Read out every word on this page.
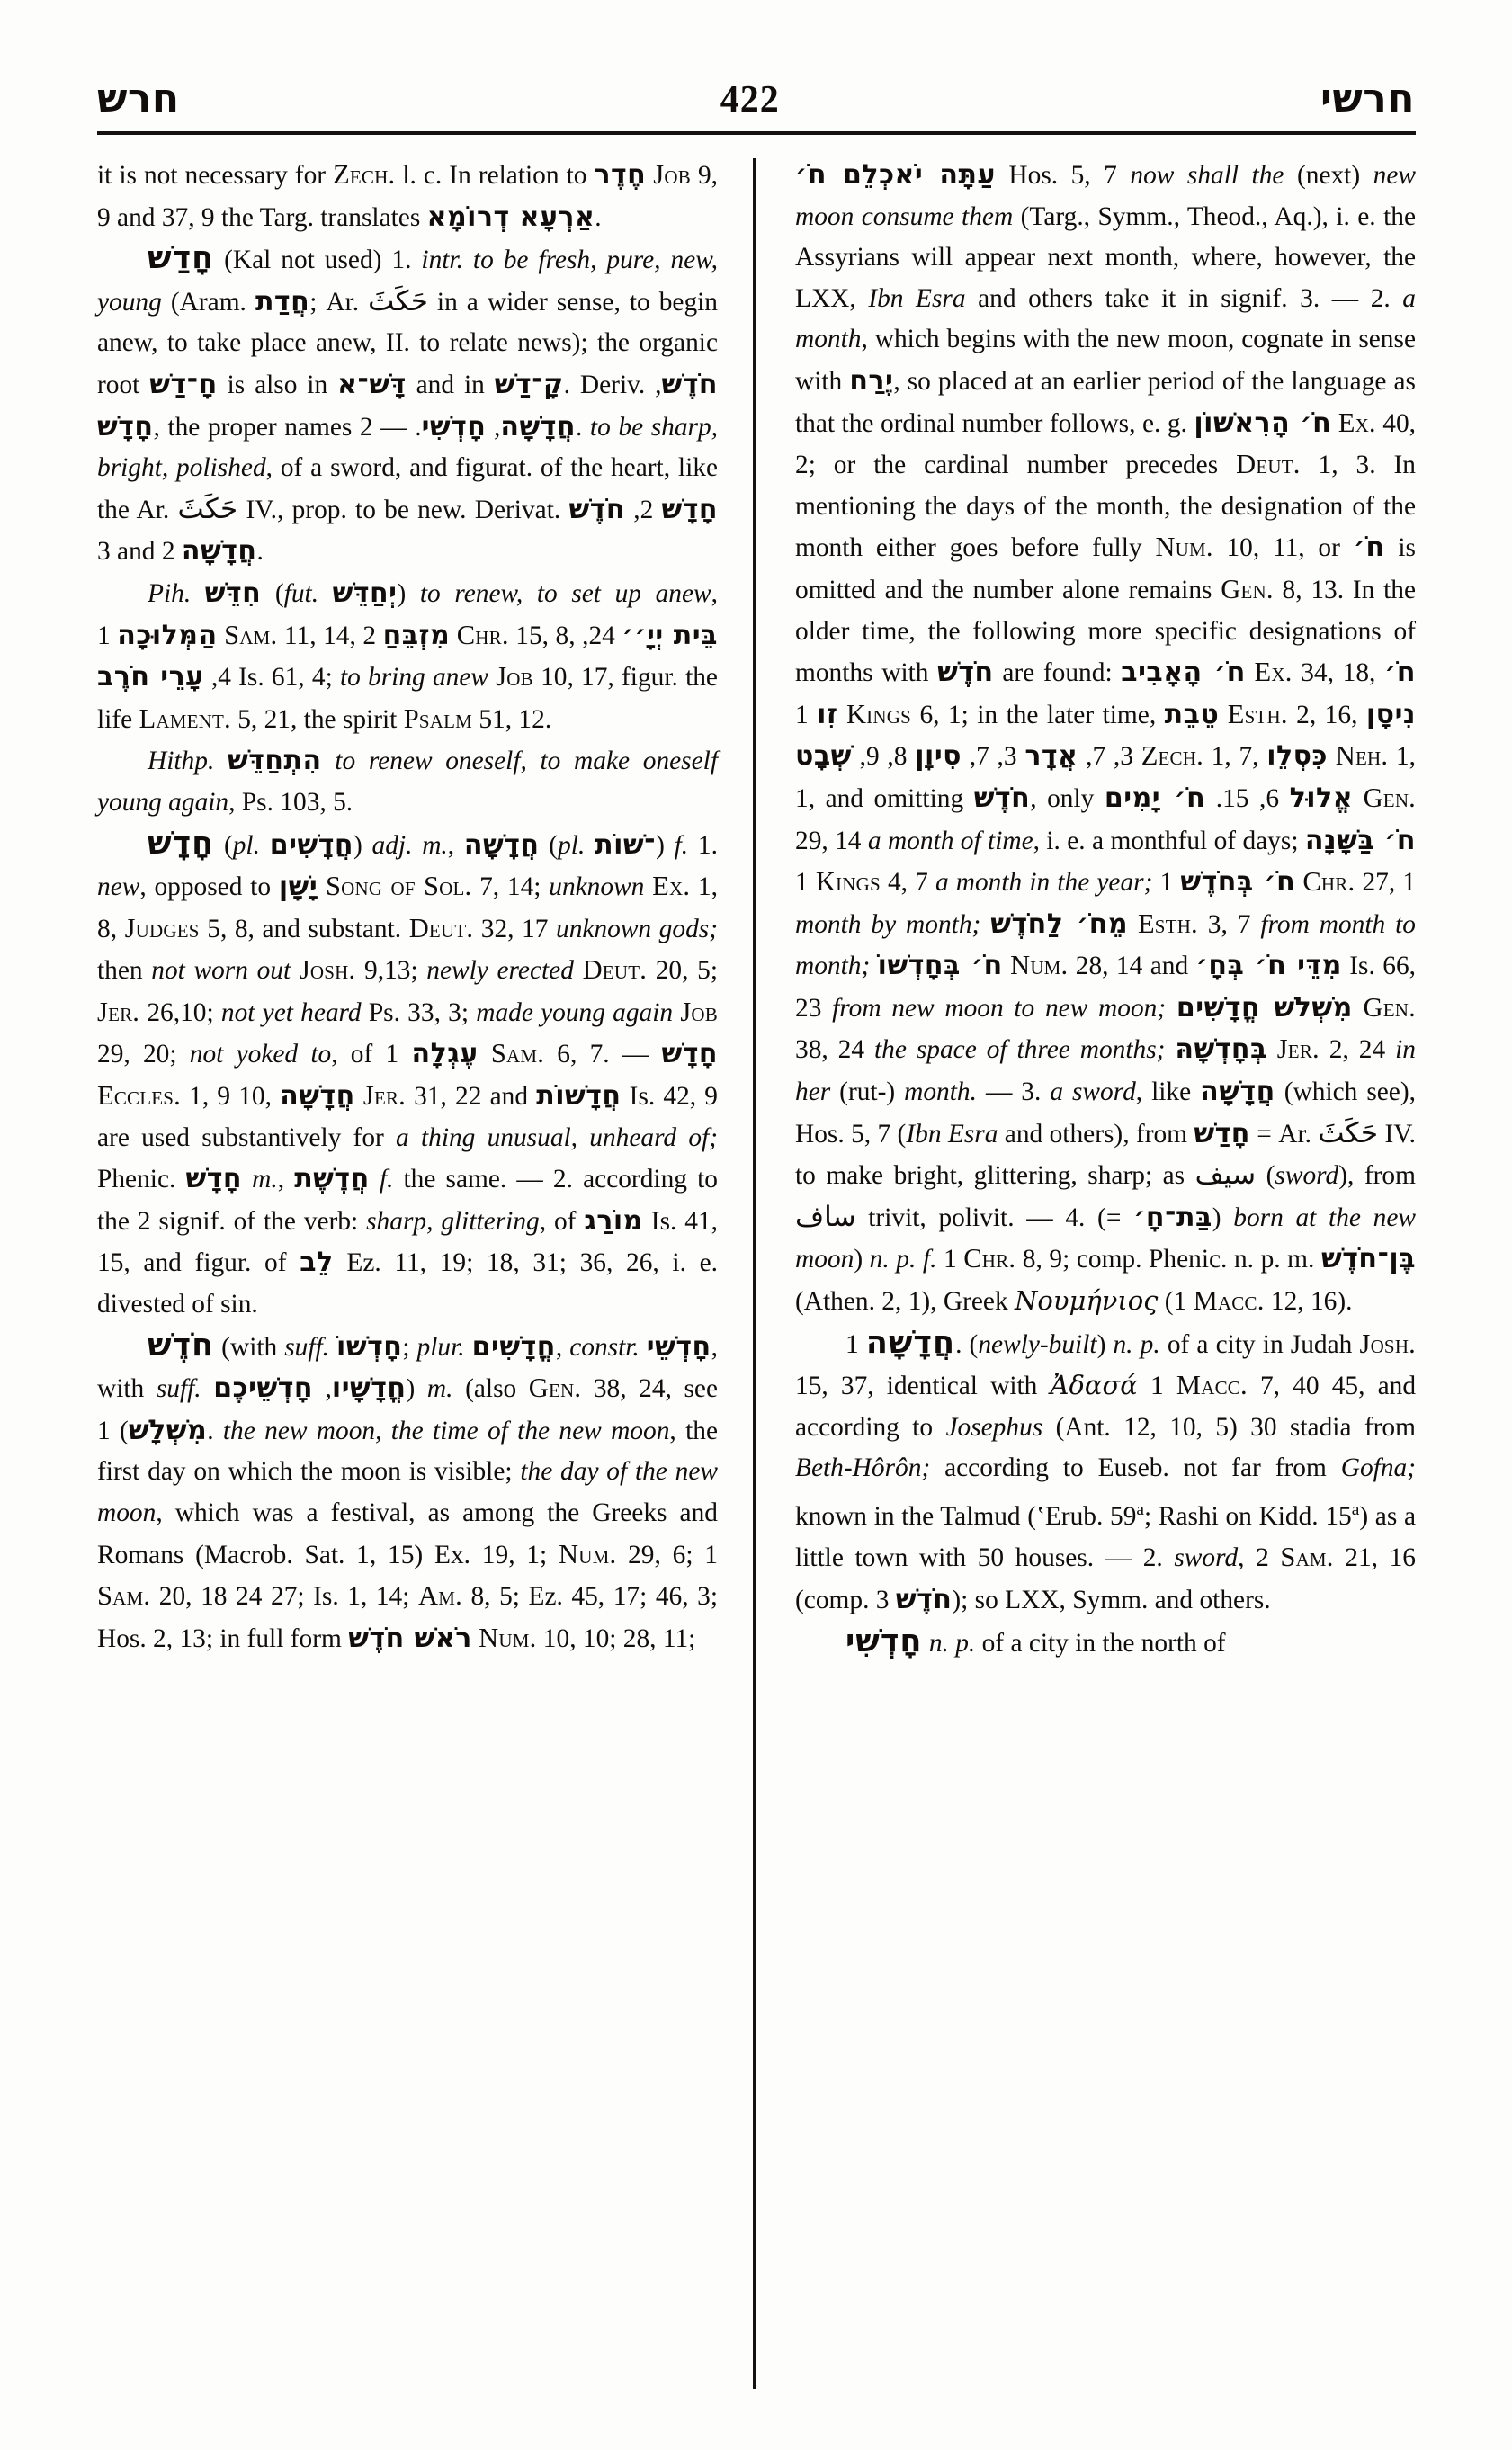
חרש	422	חרשי

it is not necessary for Zech. l. c. In relation to חֶדֶר Job 9, 9 and 37, 9 the Targ. translates אַרְעָא דְרוֹמָא.

חָדַשׁ (Kal not used) 1. intr. to be fresh, pure, new, young (Aram. חֲדַת; Ar. حَكَثَ in a wider sense, to begin anew, to take place anew, II. to relate news); the organic root חָ־דַשׁ is also in דָּשׁ־א and in קָ־דַשׁ. Deriv. חֹדֶשׁ, חָדָשׁ, the proper names	חֲדָשָׁה, חָדְשִׁי. — 2. to be sharp, bright, polished, of a sword, and figurat. of the heart, like the Ar. حَكَثَ IV., prop. to be new. Derivat.	חָדָשׁ 2, חֹדֶשׁ 3 and חֲדָשָׁה 2.

Pih. חִדֵּשׁ (fut. יְחַדֵּשׁ) to renew, to set up anew, הַמְּלוּכָה 1 Sam. 11, 14, מִזְבֵּחַ 2 Chr. 15, 8, בֵּית יְיָ׳׳ 24, 4, עָרֵי חֹרֶב Is. 61, 4; to bring anew Job 10, 17, figur. the life Lament. 5, 21, the spirit Psalm 51, 12.

Hithp. הִתְחַדֵּשׁ to renew oneself, to make oneself young again, Ps. 103, 5.

חָדָשׁ (pl. חֲדָשִׁים) adj. m., חֲדָשָׁה (pl. ־שׁוֹת) f. 1. new, opposed to יָשָׁן Song of Sol. 7, 14; unknown Ex. 1, 8, Judges 5, 8, and substant. Deut. 32, 17 unknown gods; then not worn out Josh. 9,13; newly erected Deut. 20, 5; Jer. 26,10; not yet heard Ps. 33, 3; made young again Job 29, 20; not yoked to, of עֶגְלָה 1 Sam. 6, 7. — חָדָשׁ Eccles. 1, 9 10, חֲדָשָׁה Jer. 31, 22 and חֲדָשׁוֹת Is. 42, 9 are used substantively for a thing unusual, unheard of; Phenic. חָדָשׁ m., חֲדֶשֶׁת f. the same. — 2. according to the 2 signif. of the verb: sharp, glittering, of מוֹרַג Is. 41, 15, and figur. of לֵב Ez. 11, 19; 18, 31; 36, 26, i. e. divested of sin.

חֹדֶשׁ (with suff. חָדְשׁוֹ; plur. חֳדָשִׁים, constr. חָדְשֵׁי, with suff.	חֳדָשָׁיו, חָדְשֵׁיכֶם	) m. (also Gen. 38, 24, see מִשְׁלָשׁ) 1. the new moon, the time of the new moon, the first day on which the moon is visible; the day of the new moon, which was a festival, as among the Greeks and Romans (Macrob. Sat. 1, 15) Ex. 19, 1; Num. 29, 6; 1 Sam. 20, 18 24 27; Is. 1, 14; Am. 8, 5; Ez. 45, 17; 46, 3; Hos. 2, 13; in full form רֹאשׁ חֹדֶשׁ Num. 10, 10; 28, 11;

עַתָּה יֹאכְלֵם חֹ׳ Hos. 5, 7 now shall the (next) new moon consume them (Targ., Symm., Theod., Aq.), i. e. the Assyrians will appear next month, where, however, the LXX, Ibn Esra and others take it in signif. 3. — 2. a month, which begins with the new moon, cognate in sense with יֶרַח, so placed at an earlier period of the language as that the ordinal number follows, e. g. חֹ׳ הָרִאשׁוֹן Ex. 40, 2; or the cardinal number precedes Deut. 1, 3. In mentioning the days of the month, the designation of the month either goes before fully Num. 10, 11, or חֹ׳ is omitted and the number alone remains Gen. 8, 13. In the older time, the following more specific designations of months with חֹדֶשׁ are found: חֹ׳ הָאָבִיב Ex. 34, 18, חֹ׳ זִו 1 Kings 6, 1; in the later time, טֵבֵת Esth. 2, 16, נִיסָן 3, 7, אֲדָר 3, 7, סִיוָן 8, 9, שְׁבָט	Zech. 1, 7, כִּסְלֵו Neh. 1, 1, and omitting חֹדֶשׁ, only	אֱלוּל 6, 15. חֹ׳ יָמִים	Gen. 29, 14 a month of time, i. e. a monthful of days; חֹ׳ בַּשָּׁנָה 1 Kings 4, 7 a month in the year; חֹ׳ בְּחֹדֶשׁ 1 Chr. 27, 1 month by month; מֵחֹ׳ לַחֹדֶשׁ Esth. 3, 7 from month to month; חֹ׳ בְּחָדְשׁוֹ Num. 28, 14 and מִדֵּי חֹ׳ בְּחָ׳ Is. 66, 23 from new moon to new moon; מִשְׁלֹשׁ חֳדָשִׁים Gen. 38, 24 the space of three months; בְּחָדְשָׁהּ Jer. 2, 24 in her (rut-) month. — 3. a sword, like חֲדָשָׁה (which see), Hos. 5, 7 (Ibn Esra and others), from חָדַשׁ = Ar. حَكَثَ IV. to make bright, glittering, sharp; as سيف (sword), from ساف trivit, polivit. — 4. (= בַּת־חָ׳) born at the new moon) n. p. f. 1 Chr. 8, 9; comp. Phenic. n. p. m. בֶּן־חֹדֶשׁ (Athen. 2, 1), Greek Νουμήνιος (1 Macc. 12, 16).

חֲדָשָׁה 1. (newly-built) n. p. of a city in Judah Josh. 15, 37, identical with Ἀδασά 1 Macc. 7, 40 45, and according to Josephus (Ant. 12, 10, 5) 30 stadia from Beth-Hôrôn; according to Euseb. not far from Gofna; known in the Talmud (ʽErub. 59$^a$; Rashi on Kidd. 15$^a$) as a little town with 50 houses. — 2. sword, 2 Sam. 21, 16 (comp. חֹדֶשׁ 3); so LXX, Symm. and others.

חָדְשִׁי n. p. of a city in the north of
